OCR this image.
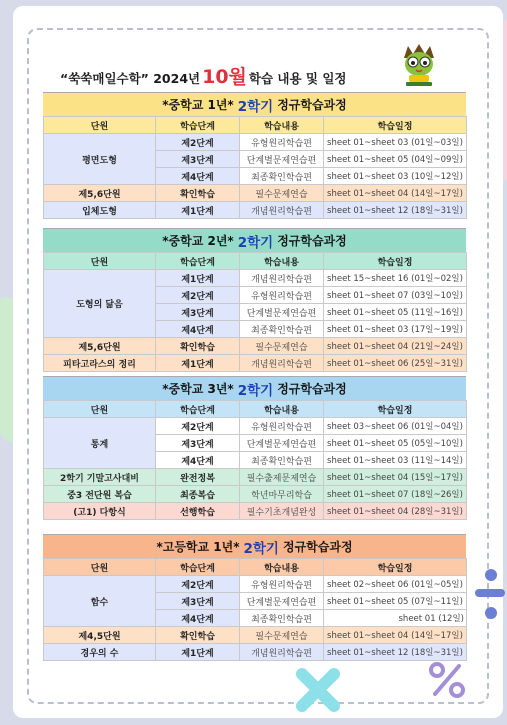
“쑥쑥매일수학” 2024년 10월 학습 내용 및 일정
*중학교 1년* 2학기 정규학습과정
단원	학습단계	학습내용	학습일정
평면도형	제2단계	유형원리학습편	sheet 01~sheet 03 (01일~03일)
	제3단계	단계별문제연습편	sheet 01~sheet 05 (04일~09일)
	제4단계	최종확인학습편	sheet 01~sheet 03 (10일~12일)
제5,6단원	확인학습	필수문제연습	sheet 01~sheet 04 (14일~17일)
입체도형	제1단계	개념원리학습편	sheet 01~sheet 12 (18일~31일)
*중학교 2년* 2학기 정규학습과정
단원	학습단계	학습내용	학습일정
도형의 닮음	제1단계	개념원리학습편	sheet 15~sheet 16 (01일~02일)
	제2단계	유형원리학습편	sheet 01~sheet 07 (03일~10일)
	제3단계	단계별문제연습편	sheet 01~sheet 05 (11일~16일)
	제4단계	최종확인학습편	sheet 01~sheet 03 (17일~19일)
제5,6단원	확인학습	필수문제연습	sheet 01~sheet 04 (21일~24일)
피타고라스의 정리	제1단계	개념원리학습편	sheet 01~sheet 06 (25일~31일)
*중학교 3년* 2학기 정규학습과정
단원	학습단계	학습내용	학습일정
통계	제2단계	유형원리학습편	sheet 03~sheet 06 (01일~04일)
	제3단계	단계별문제연습편	sheet 01~sheet 05 (05일~10일)
	제4단계	최종확인학습편	sheet 01~sheet 03 (11일~14일)
2학기 기말고사대비	완전정복	필수출제문제연습	sheet 01~sheet 04 (15일~17일)
중3 전단원 복습	최종복습	학년마무리학습	sheet 01~sheet 07 (18일~26일)
(고1) 다항식	선행학습	필수기초개념완성	sheet 01~sheet 04 (28일~31일)
*고등학교 1년* 2학기 정규학습과정
단원	학습단계	학습내용	학습일정
함수	제2단계	유형원리학습편	sheet 02~sheet 06 (01일~05일)
	제3단계	단계별문제연습편	sheet 01~sheet 05 (07일~11일)
	제4단계	최종확인학습편	sheet 01 (12일)
제4,5단원	확인학습	필수문제연습	sheet 01~sheet 04 (14일~17일)
경우의 수	제1단계	개념원리학습편	sheet 01~sheet 12 (18일~31일)
